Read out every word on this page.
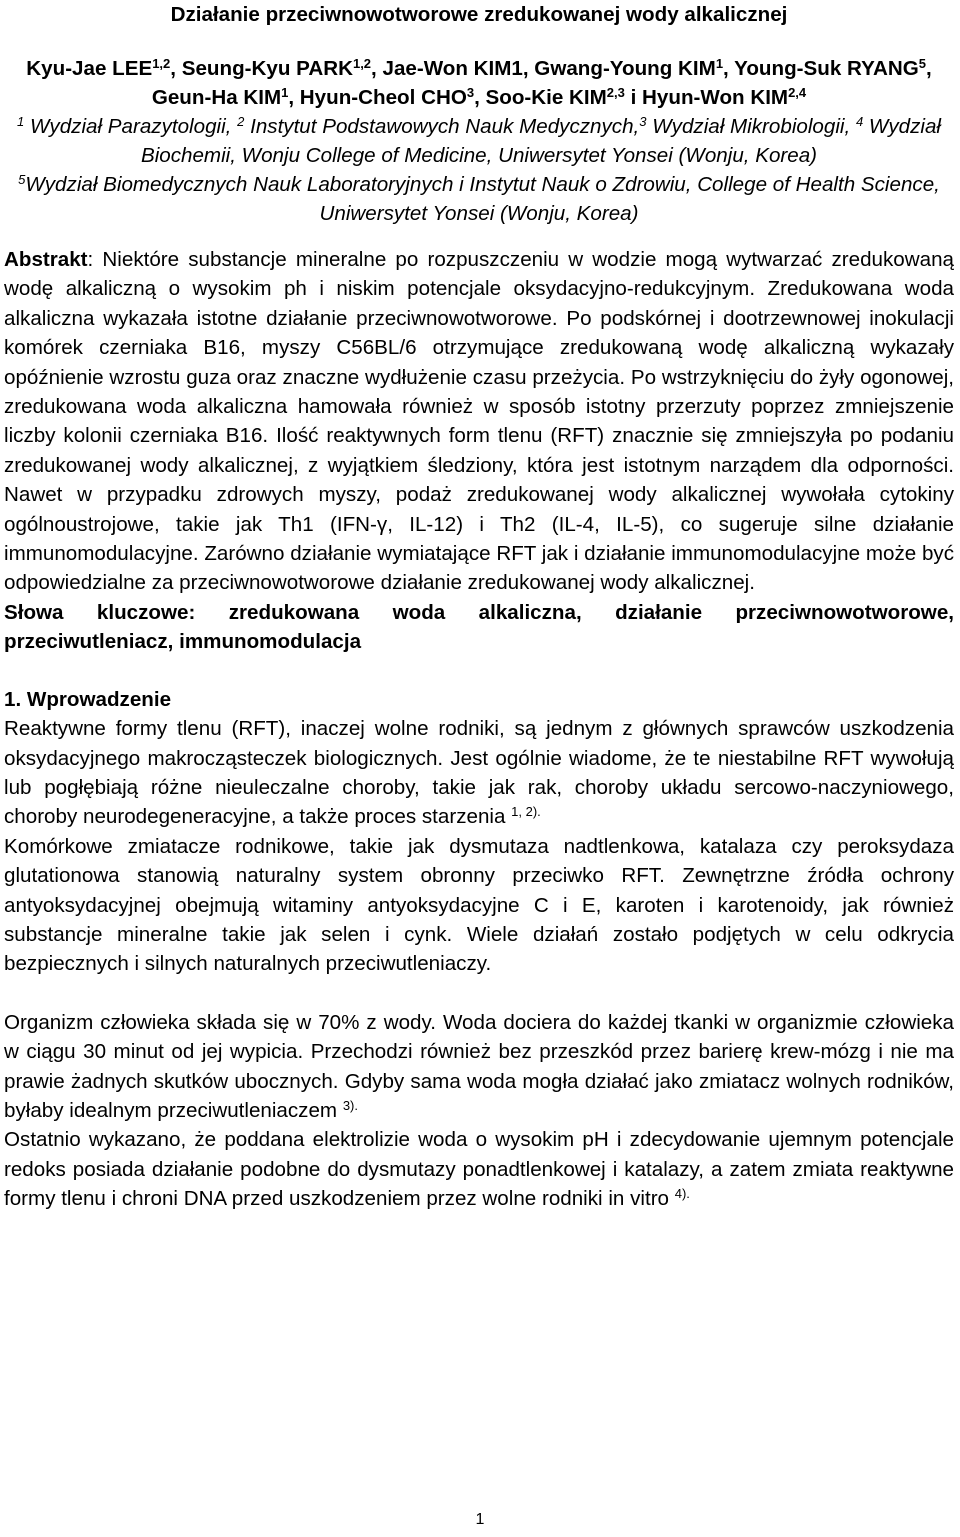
Działanie przeciwnowotworowe zredukowanej wody alkalicznej

Kyu-Jae LEE$^{1,2}$, Seung-Kyu PARK$^{1,2}$, Jae-Won KIM1, Gwang-Young KIM$^1$, Young-Suk RYANG$^5$, Geun-Ha KIM$^1$, Hyun-Cheol CHO$^3$, Soo-Kie KIM$^{2,3}$ i Hyun-Won KIM$^{2,4}$

$^1$ Wydział Parazytologii, $^2$ Instytut Podstawowych Nauk Medycznych,$^3$ Wydział Mikrobiologii, $^4$ Wydział Biochemii, Wonju College of Medicine, Uniwersytet Yonsei (Wonju, Korea)

$^5$Wydział Biomedycznych Nauk Laboratoryjnych i Instytut Nauk o Zdrowiu, College of Health Science, Uniwersytet Yonsei (Wonju, Korea)

Abstrakt: Niektóre substancje mineralne po rozpuszczeniu w wodzie mogą wytwarzać zredukowaną wodę alkaliczną o wysokim ph i niskim potencjale oksydacyjno-redukcyjnym. Zredukowana woda alkaliczna wykazała istotne działanie przeciwnowotworowe. Po podskórnej i dootrzewnowej inokulacji komórek czerniaka B16, myszy C56BL/6 otrzymujące zredukowaną wodę alkaliczną wykazały opóźnienie wzrostu guza oraz znaczne wydłużenie czasu przeżycia. Po wstrzyknięciu do żyły ogonowej, zredukowana woda alkaliczna hamowała również w sposób istotny przerzuty poprzez zmniejszenie liczby kolonii czerniaka B16. Ilość reaktywnych form tlenu (RFT) znacznie się zmniejszyła po podaniu zredukowanej wody alkalicznej, z wyjątkiem śledziony, która jest istotnym narządem dla odporności. Nawet w przypadku zdrowych myszy, podaż zredukowanej wody alkalicznej wywołała cytokiny ogólnoustrojowe, takie jak Th1 (IFN-γ, IL-12) i Th2 (IL-4, IL-5), co sugeruje silne działanie immunomodulacyjne. Zarówno działanie wymiatające RFT jak i działanie immunomodulacyjne może być odpowiedzialne za przeciwnowotworowe działanie zredukowanej wody alkalicznej.

Słowa kluczowe: zredukowana woda alkaliczna, działanie przeciwnowotworowe, przeciwutleniacz, immunomodulacja

1. Wprowadzenie

Reaktywne formy tlenu (RFT), inaczej wolne rodniki, są jednym z głównych sprawców uszkodzenia oksydacyjnego makrocząsteczek biologicznych. Jest ogólnie wiadome, że te niestabilne RFT wywołują lub pogłębiają różne nieuleczalne choroby, takie jak rak, choroby układu sercowo-naczyniowego, choroby neurodegeneracyjne, a także proces starzenia $^{1, 2).}$

Komórkowe zmiatacze rodnikowe, takie jak dysmutaza nadtlenkowa, katalaza czy peroksydaza glutationowa stanowią naturalny system obronny przeciwko RFT. Zewnętrzne źródła ochrony antyoksydacyjnej obejmują witaminy antyoksydacyjne C i E, karoten i karotenoidy, jak również substancje mineralne takie jak selen i cynk. Wiele działań zostało podjętych w celu odkrycia bezpiecznych i silnych naturalnych przeciwutleniaczy.

Organizm człowieka składa się w 70% z wody. Woda dociera do każdej tkanki w organizmie człowieka w ciągu 30 minut od jej wypicia. Przechodzi również bez przeszkód przez barierę krew-mózg i nie ma prawie żadnych skutków ubocznych. Gdyby sama woda mogła działać jako zmiatacz wolnych rodników, byłaby idealnym przeciwutleniaczem $^{3).}$

Ostatnio wykazano, że poddana elektrolizie woda o wysokim pH i zdecydowanie ujemnym potencjale redoks posiada działanie podobne do dysmutazy ponadtlenkowej i katalazy, a zatem zmiata reaktywne formy tlenu i chroni DNA przed uszkodzeniem przez wolne rodniki in vitro $^{4).}$

1
